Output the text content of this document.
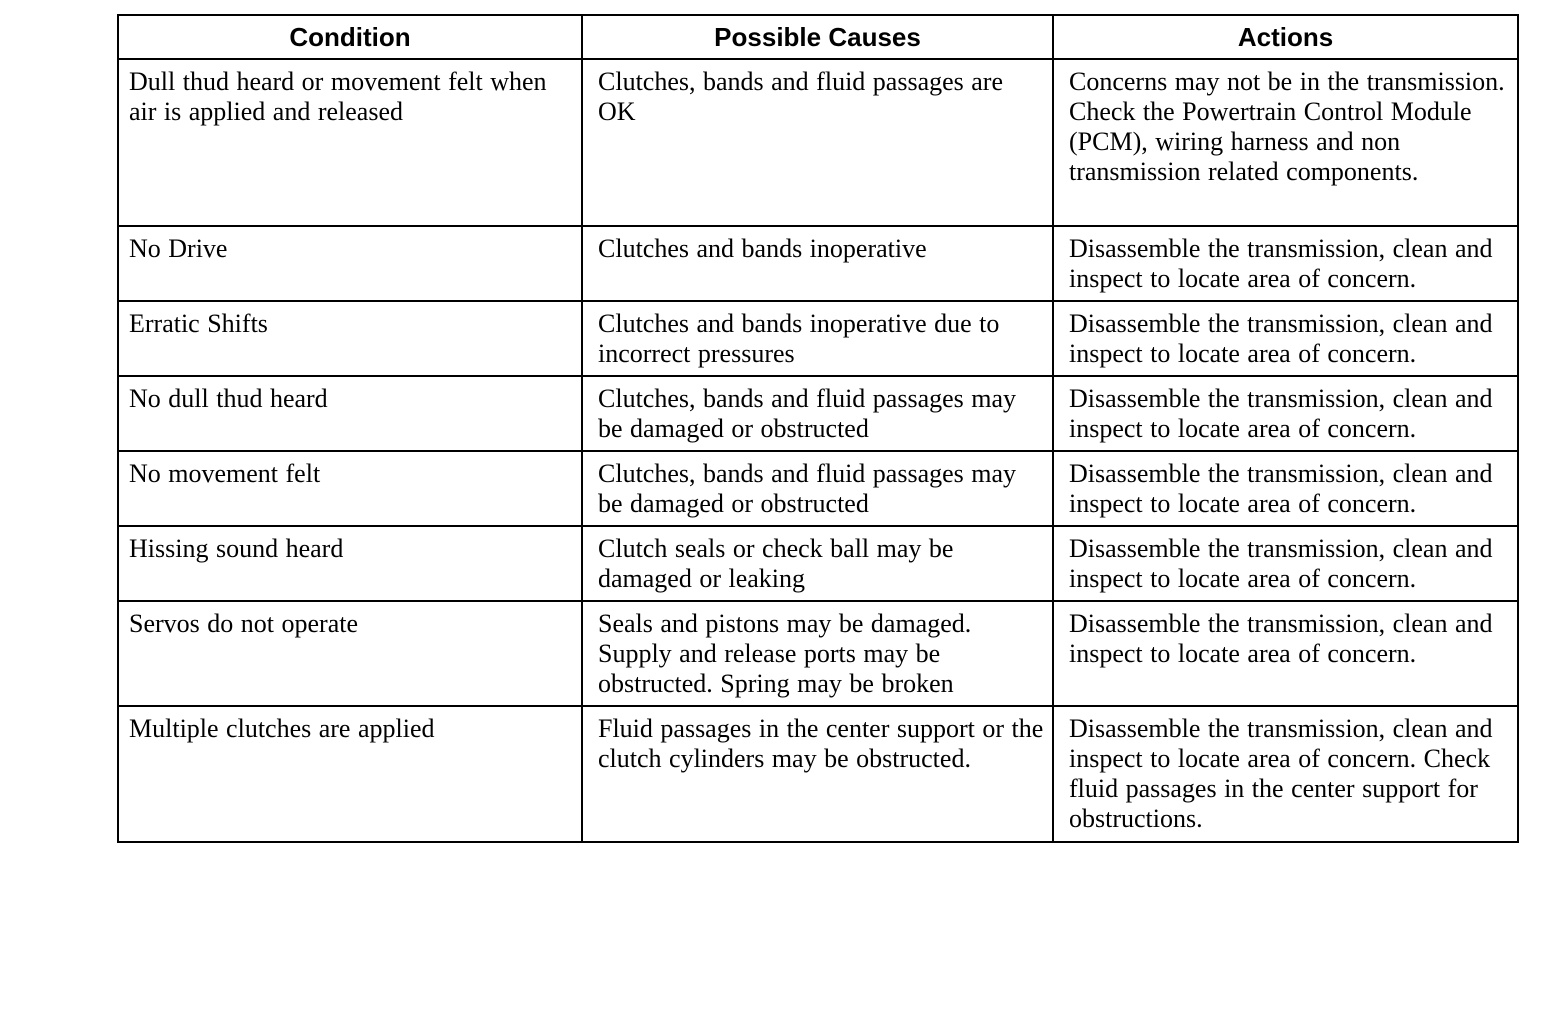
Condition	Possible Causes	Actions
Dull thud heard or movement felt when air is applied and released	Clutches, bands and fluid passages are OK	Concerns may not be in the transmission. Check the Powertrain Control Module (PCM), wiring harness and non transmission related components.
No Drive	Clutches and bands inoperative	Disassemble the transmission, clean and inspect to locate area of concern.
Erratic Shifts	Clutches and bands inoperative due to incorrect pressures	Disassemble the transmission, clean and inspect to locate area of concern.
No dull thud heard	Clutches, bands and fluid passages may be damaged or obstructed	Disassemble the transmission, clean and inspect to locate area of concern.
No movement felt	Clutches, bands and fluid passages may be damaged or obstructed	Disassemble the transmission, clean and inspect to locate area of concern.
Hissing sound heard	Clutch seals or check ball may be damaged or leaking	Disassemble the transmission, clean and inspect to locate area of concern.
Servos do not operate	Seals and pistons may be damaged. Supply and release ports may be obstructed. Spring may be broken	Disassemble the transmission, clean and inspect to locate area of concern.
Multiple clutches are applied	Fluid passages in the center support or the clutch cylinders may be obstructed.	Disassemble the transmission, clean and inspect to locate area of concern. Check fluid passages in the center support for obstructions.
